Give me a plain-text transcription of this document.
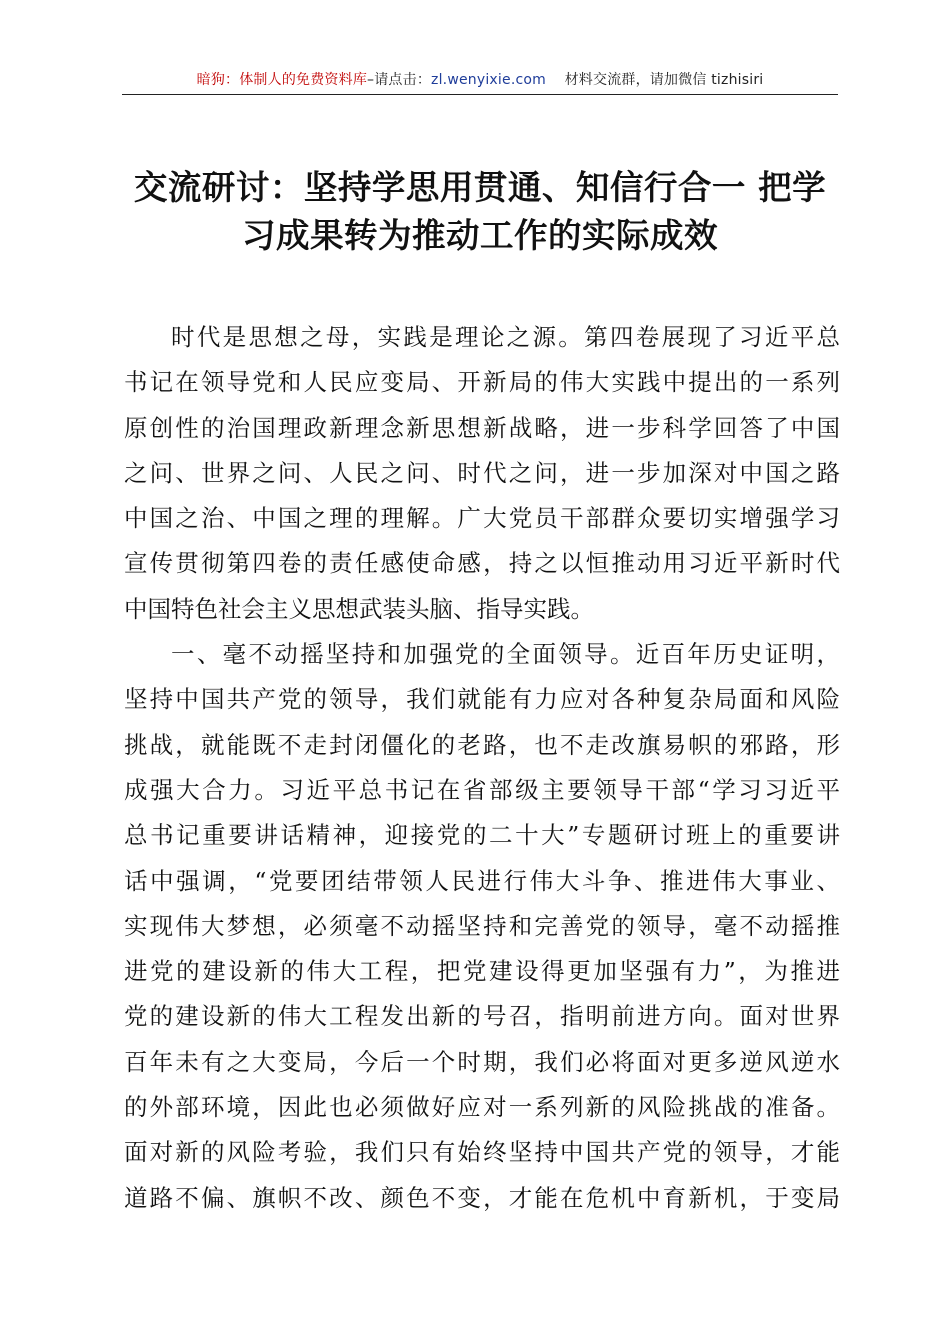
暗狗：体制人的免费资料库–请点击：zl.wenyixie.com 材料交流群，请加微信 tizhisiri
交流研讨：坚持学思用贯通、知信行合一 把学
习成果转为推动工作的实际成效
时代是思想之母，实践是理论之源。第四卷展现了习近平总
书记在领导党和人民应变局、开新局的伟大实践中提出的一系列
原创性的治国理政新理念新思想新战略，进一步科学回答了中国
之问、世界之问、人民之问、时代之问，进一步加深对中国之路
中国之治、中国之理的理解。广大党员干部群众要切实增强学习
宣传贯彻第四卷的责任感使命感，持之以恒推动用习近平新时代
中国特色社会主义思想武装头脑、指导实践。
一、毫不动摇坚持和加强党的全面领导。近百年历史证明，
坚持中国共产党的领导，我们就能有力应对各种复杂局面和风险
挑战，就能既不走封闭僵化的老路，也不走改旗易帜的邪路，形
成强大合力。习近平总书记在省部级主要领导干部“学习习近平
总书记重要讲话精神，迎接党的二十大”专题研讨班上的重要讲
话中强调，“党要团结带领人民进行伟大斗争、推进伟大事业、
实现伟大梦想，必须毫不动摇坚持和完善党的领导，毫不动摇推
进党的建设新的伟大工程，把党建设得更加坚强有力”，为推进
党的建设新的伟大工程发出新的号召，指明前进方向。面对世界
百年未有之大变局，今后一个时期，我们必将面对更多逆风逆水
的外部环境，因此也必须做好应对一系列新的风险挑战的准备。
面对新的风险考验，我们只有始终坚持中国共产党的领导，才能
道路不偏、旗帜不改、颜色不变，才能在危机中育新机，于变局
